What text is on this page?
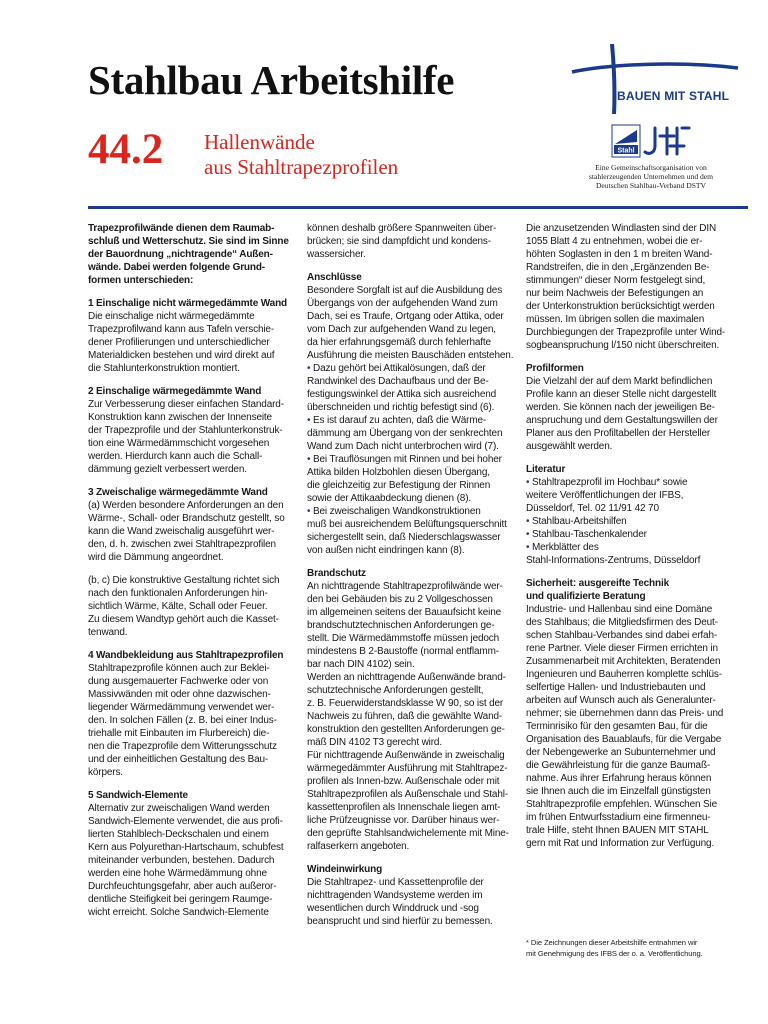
Stahlbau Arbeitshilfe
44.2 Hallenwände
aus Stahltrapezprofilen
BAUEN MIT STAHL
Stahl
Eine Gemeinschaftsorganisation von
stahlerzeugenden Unternehmen und dem
Deutschen Stahlbau-Verband DSTV

Trapezprofilwände dienen dem Raumab-

schluß und Wetterschutz. Sie sind im Sinne

der Bauordnung „nichtragende“ Außen-

wände. Dabei werden folgende Grund-

formen unterschieden:

1 Einschalige nicht wärmegedämmte Wand

Die einschalige nicht wärmegedämmte

Trapezprofilwand kann aus Tafeln verschie-

dener Profilierungen und unterschiedlicher

Materialdicken bestehen und wird direkt auf

die Stahlunterkonstruktion montiert.

2 Einschalige wärmegedämmte Wand

Zur Verbesserung dieser einfachen Standard-

Konstruktion kann zwischen der Innenseite

der Trapezprofile und der Stahlunterkonstruk-

tion eine Wärmedämmschicht vorgesehen

werden. Hierdurch kann auch die Schall-

dämmung gezielt verbessert werden.

3 Zweischalige wärmegedämmte Wand

(a) Werden besondere Anforderungen an den

Wärme-, Schall- oder Brandschutz gestellt, so

kann die Wand zweischalig ausgeführt wer-

den, d. h. zwischen zwei Stahltrapezprofilen

wird die Dämmung angeordnet.

(b, c) Die konstruktive Gestaltung richtet sich

nach den funktionalen Anforderungen hin-

sichtlich Wärme, Kälte, Schall oder Feuer.

Zu diesem Wandtyp gehört auch die Kasset-

tenwand.

4 Wandbekleidung aus Stahltrapezprofilen

Stahltrapezprofile können auch zur Beklei-

dung ausgemauerter Fachwerke oder von

Massivwänden mit oder ohne dazwischen-

liegender Wärmedämmung verwendet wer-

den. In solchen Fällen (z. B. bei einer Indus-

triehalle mit Einbauten im Flurbereich) die-

nen die Trapezprofile dem Witterungsschutz

und der einheitlichen Gestaltung des Bau-

körpers.

5 Sandwich-Elemente

Alternativ zur zweischaligen Wand werden

Sandwich-Elemente verwendet, die aus profi-

lierten Stahlblech-Deckschalen und einem

Kern aus Polyurethan-Hartschaum, schubfest

miteinander verbunden, bestehen. Dadurch

werden eine hohe Wärmedämmung ohne

Durchfeuchtungsgefahr, aber auch außeror-

dentliche Steifigkeit bei geringem Raumge-

wicht erreicht. Solche Sandwich-Elemente

können deshalb größere Spannweiten über-

brücken; sie sind dampfdicht und kondens-

wassersicher.

Anschlüsse

Besondere Sorgfalt ist auf die Ausbildung des

Übergangs von der aufgehenden Wand zum

Dach, sei es Traufe, Ortgang oder Attika, oder

vom Dach zur aufgehenden Wand zu legen,

da hier erfahrungsgemäß durch fehlerhafte

Ausführung die meisten Bauschäden entstehen.

• Dazu gehört bei Attikalösungen, daß der

Randwinkel des Dachaufbaus und der Be-

festigungswinkel der Attika sich ausreichend

überschneiden und richtig befestigt sind (6).

• Es ist darauf zu achten, daß die Wärme-

dämmung am Übergang von der senkrechten

Wand zum Dach nicht unterbrochen wird (7).

• Bei Trauflösungen mit Rinnen und bei hoher

Attika bilden Holzbohlen diesen Übergang,

die gleichzeitig zur Befestigung der Rinnen

sowie der Attikaabdeckung dienen (8).

• Bei zweischaligen Wandkonstruktionen

muß bei ausreichendem Belüftungsquerschnitt

sichergestellt sein, daß Niederschlagswasser

von außen nicht eindringen kann (8).

Brandschutz

An nichttragende Stahltrapezprofilwände wer-

den bei Gebäuden bis zu 2 Vollgeschossen

im allgemeinen seitens der Bauaufsicht keine

brandschutztechnischen Anforderungen ge-

stellt. Die Wärmedämmstoffe müssen jedoch

mindestens B 2-Baustoffe (normal entflamm-

bar nach DIN 4102) sein.

Werden an nichttragende Außenwände brand-

schutztechnische Anforderungen gestellt,

z. B. Feuerwiderstandsklasse W 90, so ist der

Nachweis zu führen, daß die gewählte Wand-

konstruktion den gestellten Anforderungen ge-

mäß DIN 4102 T3 gerecht wird.

Für nichttragende Außenwände in zweischalig

wärmegedämmter Ausführung mit Stahltrapez-

profilen als Innen-bzw. Außenschale oder mit

Stahltrapezprofilen als Außenschale und Stahl-

kassettenprofilen als Innenschale liegen amt-

liche Prüfzeugnisse vor. Darüber hinaus wer-

den geprüfte Stahlsandwichelemente mit Mine-

ralfaserkern angeboten.

Windeinwirkung

Die Stahltrapez- und Kassettenprofile der

nichttragenden Wandsysteme werden im

wesentlichen durch Winddruck und -sog

beansprucht und sind hierfür zu bemessen.

Die anzusetzenden Windlasten sind der DIN

1055 Blatt 4 zu entnehmen, wobei die er-

höhten Soglasten in den 1 m breiten Wand-

Randstreifen, die in den „Ergänzenden Be-

stimmungen“ dieser Norm festgelegt sind,

nur beim Nachweis der Befestigungen an

der Unterkonstruktion berücksichtigt werden

müssen. Im übrigen sollen die maximalen

Durchbiegungen der Trapezprofile unter Wind-

sogbeanspruchung l/150 nicht überschreiten.

Profilformen

Die Vielzahl der auf dem Markt befindlichen

Profile kann an dieser Stelle nicht dargestellt

werden. Sie können nach der jeweiligen Be-

anspruchung und dem Gestaltungswillen der

Planer aus den Profiltabellen der Hersteller

ausgewählt werden.

Literatur

• Stahltrapezprofil im Hochbau* sowie

weitere Veröffentlichungen der IFBS,

Düsseldorf, Tel. 02 11/91 42 70

• Stahlbau-Arbeitshilfen

• Stahlbau-Taschenkalender

• Merkblätter des

Stahl-Informations-Zentrums, Düsseldorf

Sicherheit: ausgereifte Technik

und qualifizierte Beratung

Industrie- und Hallenbau sind eine Domäne

des Stahlbaus; die Mitgliedsfirmen des Deut-

schen Stahlbau-Verbandes sind dabei erfah-

rene Partner. Viele dieser Firmen errichten in

Zusammenarbeit mit Architekten, Beratenden

Ingenieuren und Bauherren komplette schlüs-

selfertige Hallen- und Industriebauten und

arbeiten auf Wunsch auch als Generalunter-

nehmer; sie übernehmen dann das Preis- und

Terminrisiko für den gesamten Bau, für die

Organisation des Bauablaufs, für die Vergabe

der Nebengewerke an Subunternehmer und

die Gewährleistung für die ganze Baumaß-

nahme. Aus ihrer Erfahrung heraus können

sie Ihnen auch die im Einzelfall günstigsten

Stahltrapezprofile empfehlen. Wünschen Sie

im frühen Entwurfsstadium eine firmenneu-

trale Hilfe, steht Ihnen BAUEN MIT STAHL

gern mit Rat und Information zur Verfügung.

* Die Zeichnungen dieser Arbeitshilfe entnahmen wir

mit Genehmigung des IFBS der o. a. Veröffentlichung.
